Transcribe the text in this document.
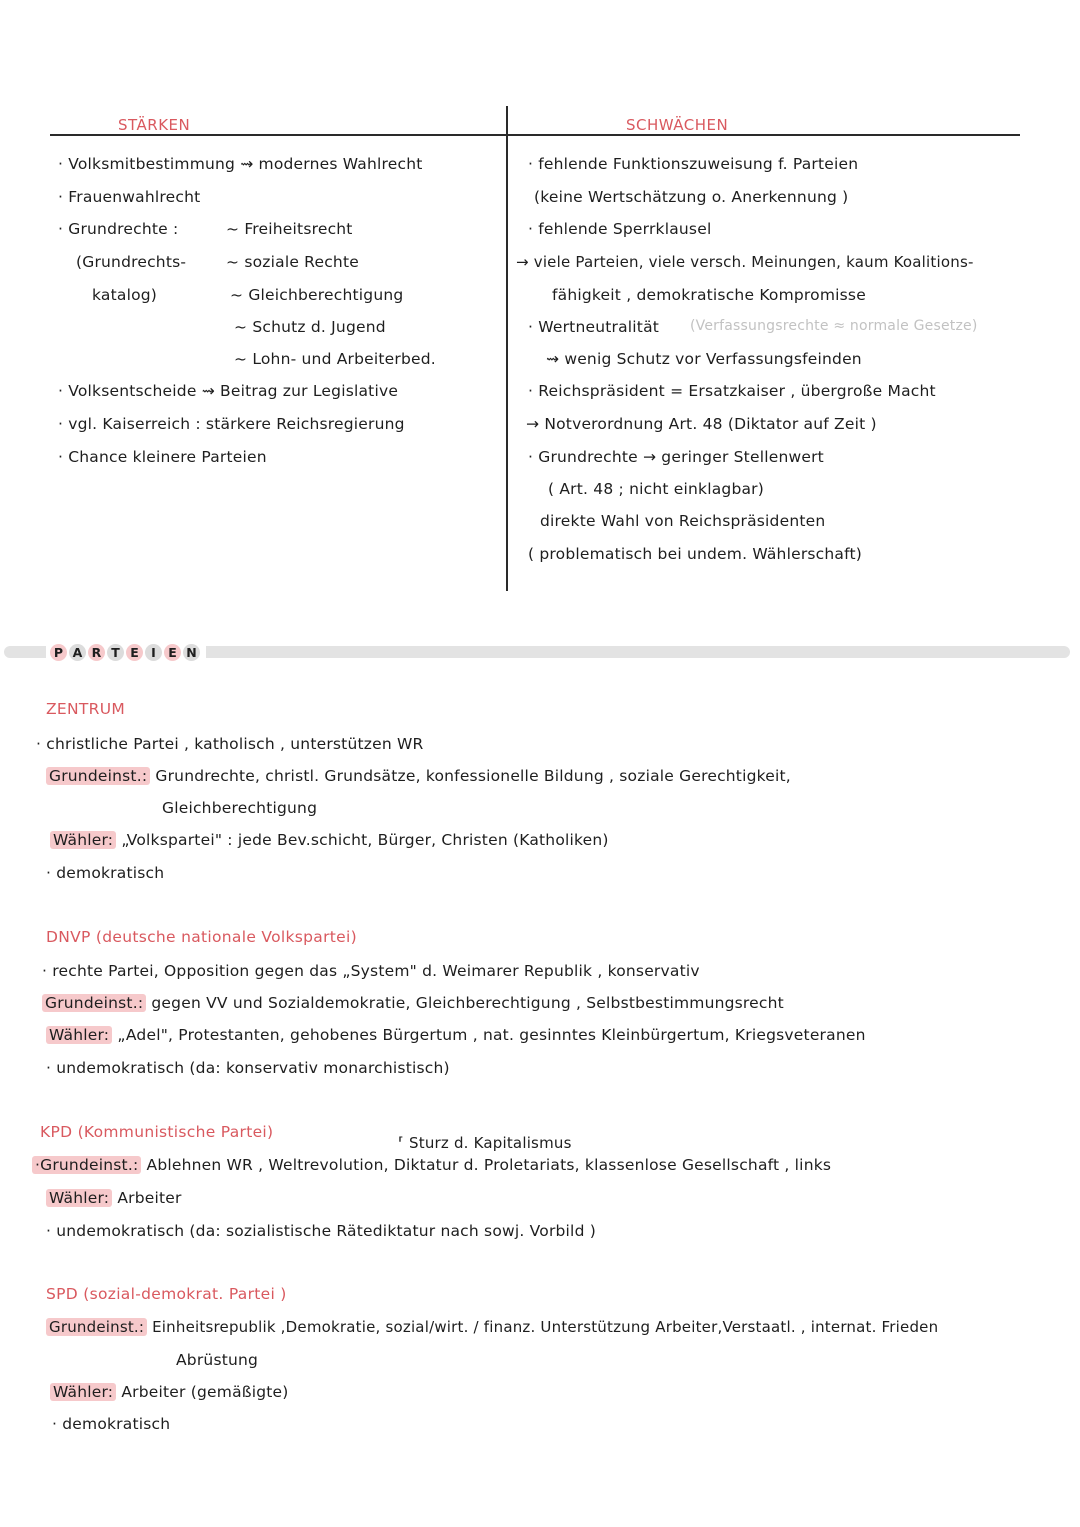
STÄRKEN	SCHWÄCHEN
· Volksmitbestimmung ⇝ modernes Wahlrecht
· Frauenwahlrecht
· Grundrechte :
(Grundrechts-
katalog)
~ Freiheitsrecht
~ soziale Rechte
~ Gleichberechtigung
~ Schutz d. Jugend
~ Lohn- und Arbeiterbed.
· Volksentscheide ⇝ Beitrag zur Legislative
· vgl. Kaiserreich : stärkere Reichsregierung
· Chance kleinere Parteien
· fehlende Funktionszuweisung f. Parteien
(keine Wertschätzung o. Anerkennung )
· fehlende Sperrklausel
→ viele Parteien, viele versch. Meinungen, kaum Koalitions-
fähigkeit , demokratische Kompromisse
· Wertneutralität (Verfassungsrechte ≈ normale Gesetze)
⇝ wenig Schutz vor Verfassungsfeinden
· Reichspräsident = Ersatzkaiser , übergroße Macht
→ Notverordnung Art. 48 (Diktator auf Zeit )
· Grundrechte → geringer Stellenwert
( Art. 48 ; nicht einklagbar)
direkte Wahl von Reichspräsidenten
( problematisch bei undem. Wählerschaft)
P A R T E I E N
ZENTRUM
· christliche Partei , katholisch , unterstützen WR
Grundeinst.: Grundrechte, christl. Grundsätze, konfessionelle Bildung , soziale Gerechtigkeit,
Gleichberechtigung
Wähler: „Volkspartei" : jede Bev.schicht, Bürger, Christen (Katholiken)
· demokratisch
DNVP (deutsche nationale Volkspartei)
· rechte Partei, Opposition gegen das „System" d. Weimarer Republik , konservativ
Grundeinst.: gegen VV und Sozialdemokratie, Gleichberechtigung , Selbstbestimmungsrecht
Wähler: „Adel", Protestanten, gehobenes Bürgertum , nat. gesinntes Kleinbürgertum, Kriegsveteranen
· undemokratisch (da: konservativ monarchistisch)
KPD (Kommunistische Partei)
⸢ Sturz d. Kapitalismus
·Grundeinst.: Ablehnen WR , Weltrevolution, Diktatur d. Proletariats, klassenlose Gesellschaft , links
Wähler: Arbeiter
· undemokratisch (da: sozialistische Rätediktatur nach sowj. Vorbild )
SPD (sozial-demokrat. Partei )
Grundeinst.: Einheitsrepublik ,Demokratie, sozial/wirt. / finanz. Unterstützung Arbeiter,Verstaatl. , internat. Frieden
Abrüstung
Wähler: Arbeiter (gemäßigte)
· demokratisch
